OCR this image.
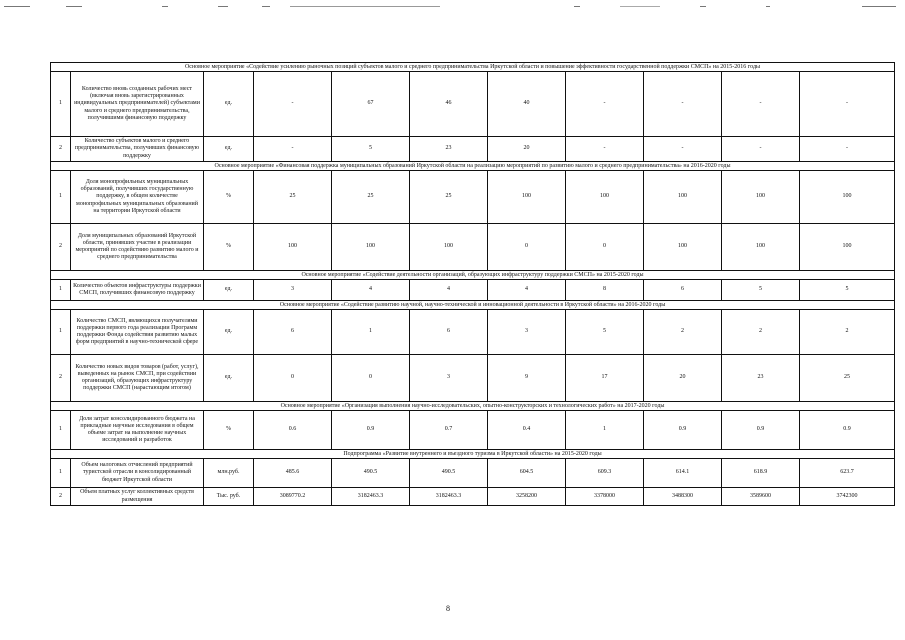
Основное мероприятие «Содействие усилению рыночных позиций субъектов малого и среднего предпринимательства Иркутской области и повышение эффективности государственной поддержки СМСП» на 2015-2016 годы										
1	Количество вновь созданных рабочих мест (включая вновь зарегистрированных индивидуальных предпринимателей) субъектами малого и среднего предпринимательства, получившими финансовую поддержку	ед.	-	67	46	40	-	-	-	-
2	Количество субъектов малого и среднего предпринимательства, получивших финансовую поддержку	ед.	-	5	23	20	-	-	-	-
Основное мероприятие «Финансовая поддержка муниципальных образований Иркутской области на реализацию мероприятий по развитию малого и среднего предпринимательства» на 2016-2020 годы										
1	Доля монопрофильных муниципальных образований, получивших государственную поддержку, в общем количестве монопрофильных муниципальных образований на территории Иркутской области	%	25	25	25	100	100	100	100	100
2	Доля муниципальных образований Иркутской области, принявших участие в реализации мероприятий по содействию развитию малого и среднего предпринимательства	%	100	100	100	0	0	100	100	100
Основное мероприятие «Содействие деятельности организаций, образующих инфраструктуру поддержки СМСП» на 2015-2020 годы										
1	Количество объектов инфраструктуры поддержки СМСП, получивших финансовую поддержку	ед.	3	4	4	4	8	6	5	5
Основное мероприятие «Содействие развитию научной, научно-технической и инновационной деятельности в Иркутской области» на 2016-2020 годы										
1	Количество СМСП, являющихся получателями поддержки первого года реализации Программ поддержки Фонда содействия развитию малых форм предприятий в научно-технической сфере	ед.	6	1	6	3	5	2	2	2
2	Количество новых видов товаров (работ, услуг), выведенных на рынок СМСП, при содействии организаций, образующих инфраструктуру поддержки СМСП (нарастающим итогом)	ед.	0	0	3	9	17	20	23	25
Основное мероприятие «Организация выполнения научно-исследовательских, опытно-конструкторских и технологических работ» на 2017-2020 годы										
1	Доля затрат консолидированного бюджета на прикладные научные исследования в общем объеме затрат на выполнение научных исследований и разработок	%	0.6	0.9	0.7	0.4	1	0.9	0.9	0.9
Подпрограмма «Развитие внутреннего и въездного туризма в Иркутской области» на 2015-2020 годы										
1	Объем налоговых отчислений предприятий туристской отрасли в консолидированный бюджет Иркутской области	млн.руб.	485.6	490.5	490.5	604.5	609.3	614.1	618.9	623.7
2	Объем платных услуг коллективных средств размещения	Тыс. руб.	3089770.2	3182463.3	3182463.3	3258200	3378000	3488300	3589600	3742300
8
